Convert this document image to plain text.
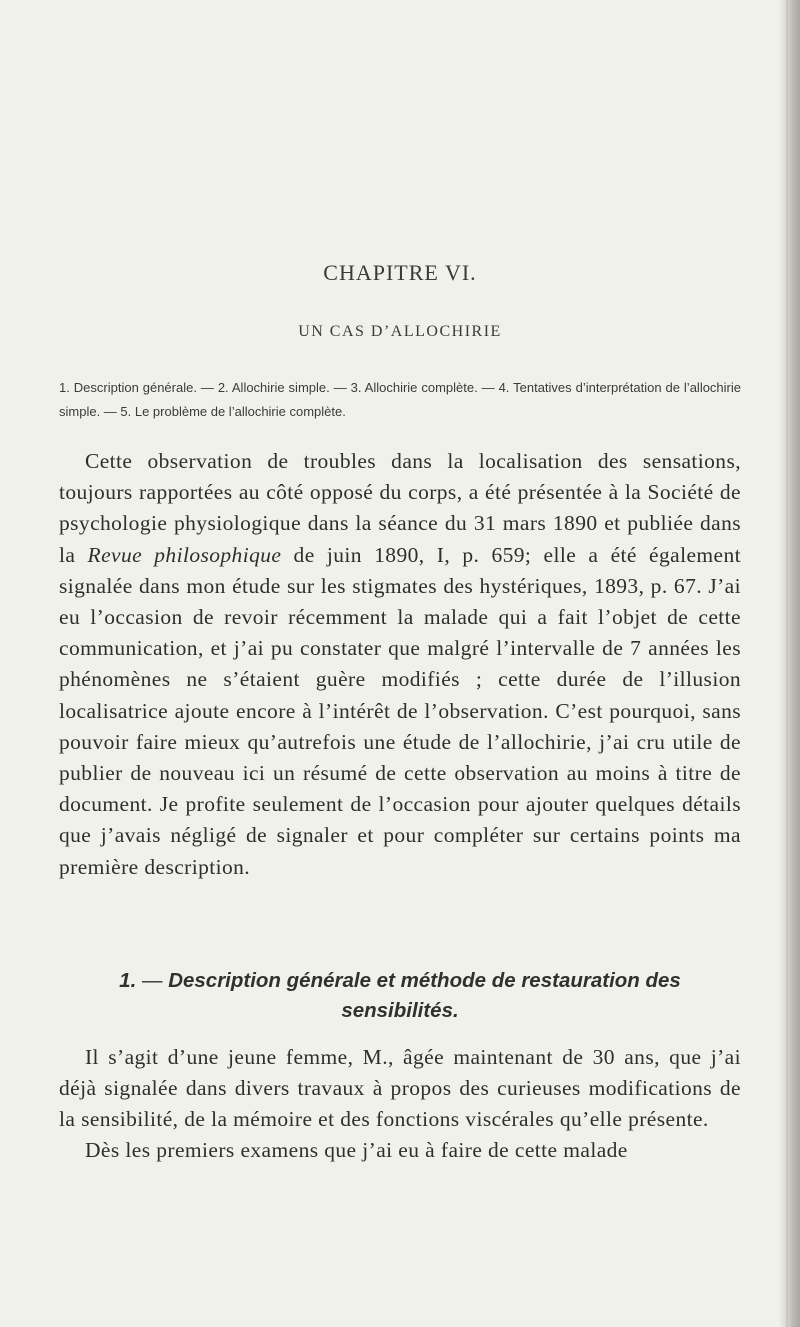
CHAPITRE VI.
UN CAS D’ALLOCHIRIE
1. Description générale. — 2. Allochirie simple. — 3. Allochirie complète. — 4. Tentatives d’interprétation de l’allochirie simple. — 5. Le problème de l’allochirie complète.

Cette observation de troubles dans la localisation des sensations, toujours rapportées au côté opposé du corps, a été présentée à la Société de psychologie physiologique dans la séance du 31 mars 1890 et publiée dans la Revue philosophique de juin 1890, I, p. 659; elle a été également signalée dans mon étude sur les stigmates des hystériques, 1893, p. 67. J’ai eu l’occasion de revoir récemment la malade qui a fait l’objet de cette communication, et j’ai pu constater que malgré l’intervalle de 7 années les phénomènes ne s’étaient guère modifiés ; cette durée de l’illusion localisatrice ajoute encore à l’intérêt de l’observation. C’est pourquoi, sans pouvoir faire mieux qu’autrefois une étude de l’allochirie, j’ai cru utile de publier de nouveau ici un résumé de cette observation au moins à titre de document. Je profite seulement de l’occasion pour ajouter quelques détails que j’avais négligé de signaler et pour compléter sur certains points ma première description.

1. — Description générale et méthode de restauration des sensibilités.

Il s’agit d’une jeune femme, M., âgée maintenant de 30 ans, que j’ai déjà signalée dans divers travaux à propos des curieuses modifications de la sensibilité, de la mémoire et des fonctions viscérales qu’elle présente.

Dès les premiers examens que j’ai eu à faire de cette malade
